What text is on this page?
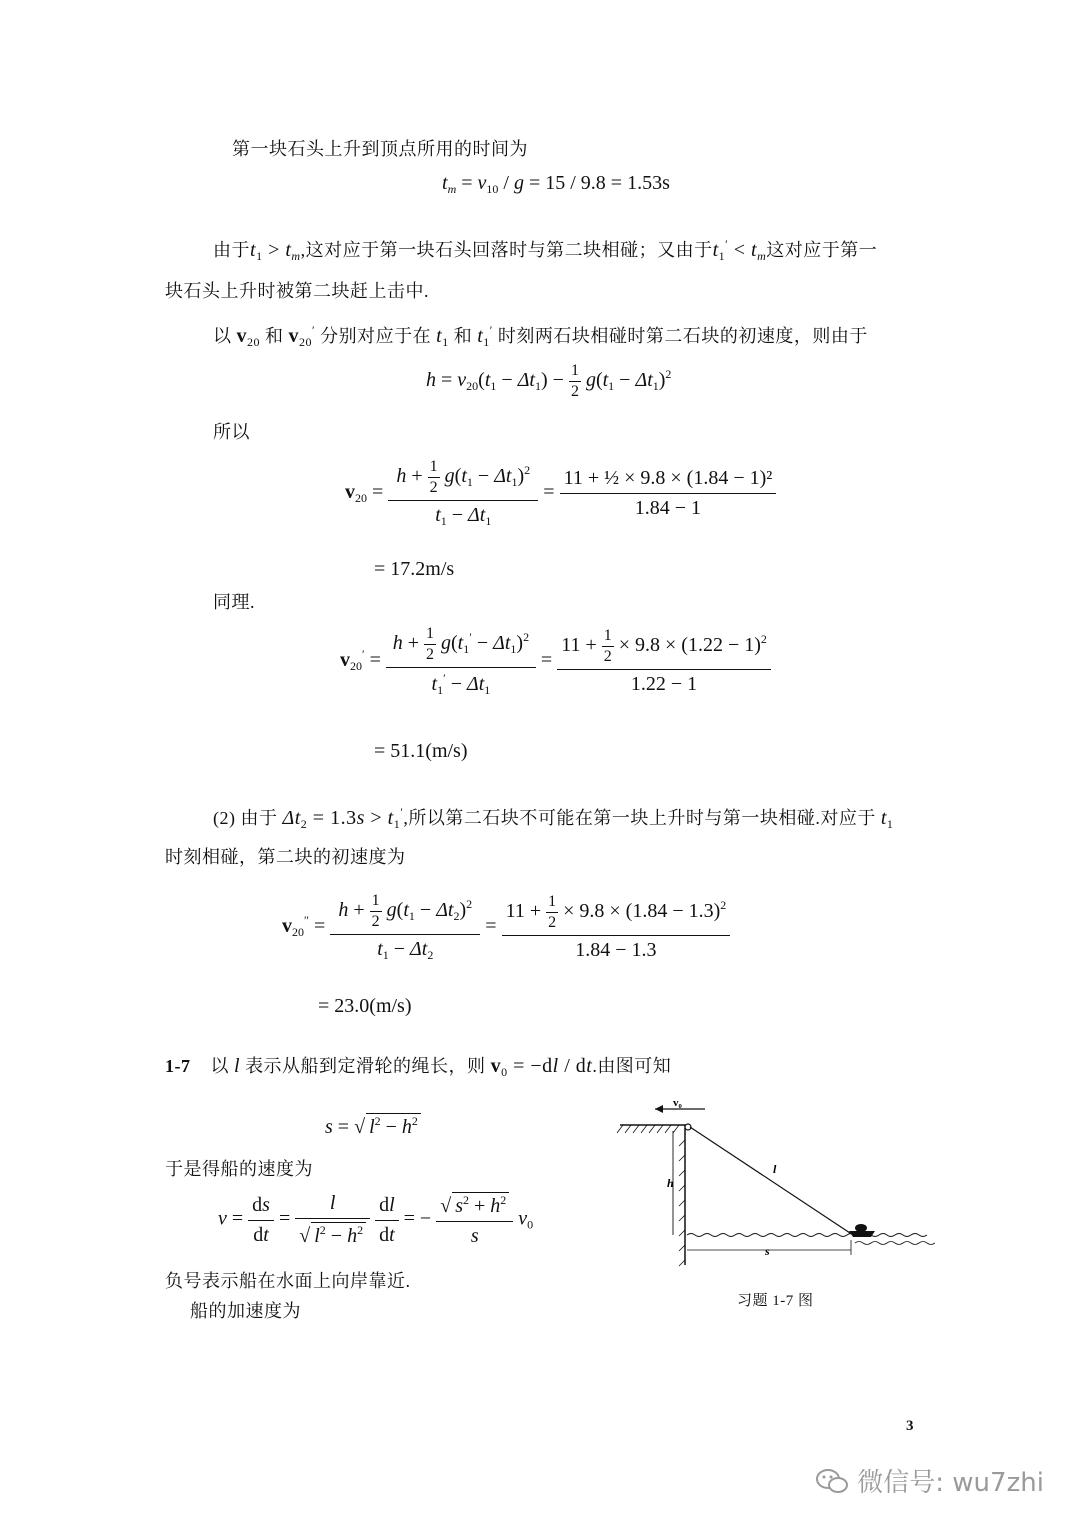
第一块石头上升到顶点所用的时间为
$t_m = v_{10} / g = 15 / 9.8 = 1.53s$
由于$t_1 > t_m$,这对应于第一块石头回落时与第二块相碰；又由于$t_1' < t_m$这对应于第一
块石头上升时被第二块赶上击中.
以 $v_{20}$ 和 $v_{20}'$ 分别对应于在 $t_1$ 和 $t_1'$ 时刻两石块相碰时第二石块的初速度，则由于
$h = v_{20}(t_1 - \Delta t_1) - \frac{1}{2} g(t_1 - \Delta t_1)^2$
所以
$v_{20} = \frac{h + \frac{1}{2} g(t_1 - \Delta t_1)^2}{t_1 - \Delta t_1} = \frac{\text{11 + ½ × 9.8 × (1.84 − 1)²}}{1.84 - 1}$
= 17.2m/s
同理.
$v_{20}' = \frac{h + \frac{1}{2} g(t_1' - \Delta t_1)^2}{t_1' - \Delta t_1} = \frac{11 + \frac{1}{2} \times 9.8 \times (1.22 - 1)^2}{1.22 - 1}$
= 51.1(m/s)
(2) 由于 $\Delta t_2 = 1.3s > t_1'$,所以第二石块不可能在第一块上升时与第一块相碰.对应于 $t_1$
时刻相碰，第二块的初速度为
$v_{20}'' = \frac{h + \frac{1}{2} g(t_1 - \Delta t_2)^2}{t_1 - \Delta t_2} = \frac{11 + \frac{1}{2} \times 9.8 \times (1.84 - 1.3)^2}{1.84 - 1.3}$
= 23.0(m/s)
1-7 以 l 表示从船到定滑轮的绳长，则 $v_0 = -dl$ / dt.由图可知
s = √ $l^2 - h^2$
于是得船的速度为
$v = \frac{ds}{dt} = \frac{l}{√ l^2 - h^2}$
$\frac{dl}{dt}$ = − $\frac{√ s^2 + h^2}{s} v_0$
负号表示船在水面上向岸靠近.
船的加速度为
v₀
h
l
s
习题 1-7 图
3
微信号: wu7zhi
